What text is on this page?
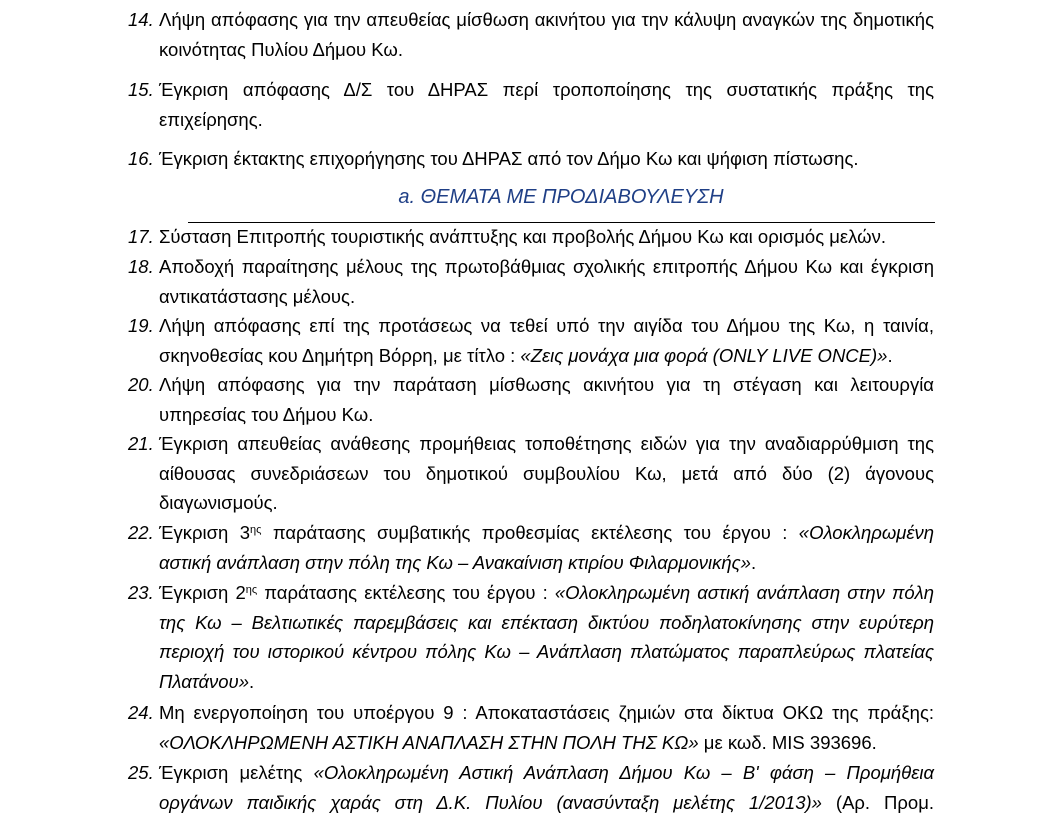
14. Λήψη απόφασης για την απευθείας μίσθωση ακινήτου για την κάλυψη αναγκών της δημοτικής κοινότητας Πυλίου Δήμου Κω.
15. Έγκριση απόφασης Δ/Σ του ΔΗΡΑΣ περί τροποποίησης της συστατικής πράξης της επιχείρησης.
16. Έγκριση έκτακτης επιχορήγησης του ΔΗΡΑΣ από τον Δήμο Κω και ψήφιση πίστωσης.
a. ΘΕΜΑΤΑ ΜΕ ΠΡΟΔΙΑΒΟΥΛΕΥΣΗ
17. Σύσταση Επιτροπής τουριστικής ανάπτυξης και προβολής Δήμου Κω και ορισμός μελών.
18. Αποδοχή παραίτησης μέλους της πρωτοβάθμιας σχολικής επιτροπής Δήμου Κω και έγκριση αντικατάστασης μέλους.
19. Λήψη απόφασης επί της προτάσεως να τεθεί υπό την αιγίδα του Δήμου της Κω, η ταινία, σκηνοθεσίας κου Δημήτρη Βόρρη, με τίτλο : «Ζεις μονάχα μια φορά (ONLY LIVE ONCE)».
20. Λήψη απόφασης για την παράταση μίσθωσης ακινήτου για τη στέγαση και λειτουργία υπηρεσίας του Δήμου Κω.
21. Έγκριση απευθείας ανάθεσης προμήθειας τοποθέτησης ειδών για την αναδιαρρύθμιση της αίθουσας συνεδριάσεων του δημοτικού συμβουλίου Κω, μετά από δύο (2) άγονους διαγωνισμούς.
22. Έγκριση $3^{\eta\varsigma}$ παράτασης συμβατικής προθεσμίας εκτέλεσης του έργου : «Ολοκληρωμένη αστική ανάπλαση στην πόλη της Κω – Ανακαίνιση κτιρίου Φιλαρμονικής».
23. Έγκριση $2^{\eta\varsigma}$ παράτασης εκτέλεσης του έργου : «Ολοκληρωμένη αστική ανάπλαση στην πόλη της Κω – Βελτιωτικές παρεμβάσεις και επέκταση δικτύου ποδηλατοκίνησης στην ευρύτερη περιοχή του ιστορικού κέντρου πόλης Κω – Ανάπλαση πλατώματος παραπλεύρως πλατείας Πλατάνου».
24. Μη ενεργοποίηση του υποέργου 9 : Αποκαταστάσεις ζημιών στα δίκτυα ΟΚΩ της πράξης: «ΟΛΟΚΛΗΡΩΜΕΝΗ ΑΣΤΙΚΗ ΑΝΑΠΛΑΣΗ ΣΤΗΝ ΠΟΛΗ ΤΗΣ ΚΩ» με κωδ. MIS 393696.
25. Έγκριση μελέτης «Ολοκληρωμένη Αστική Ανάπλαση Δήμου Κω – Β' φάση – Προμήθεια οργάνων παιδικής χαράς στη Δ.Κ. Πυλίου (ανασύνταξη μελέτης 1/2013)» (Αρ. Προμ.
